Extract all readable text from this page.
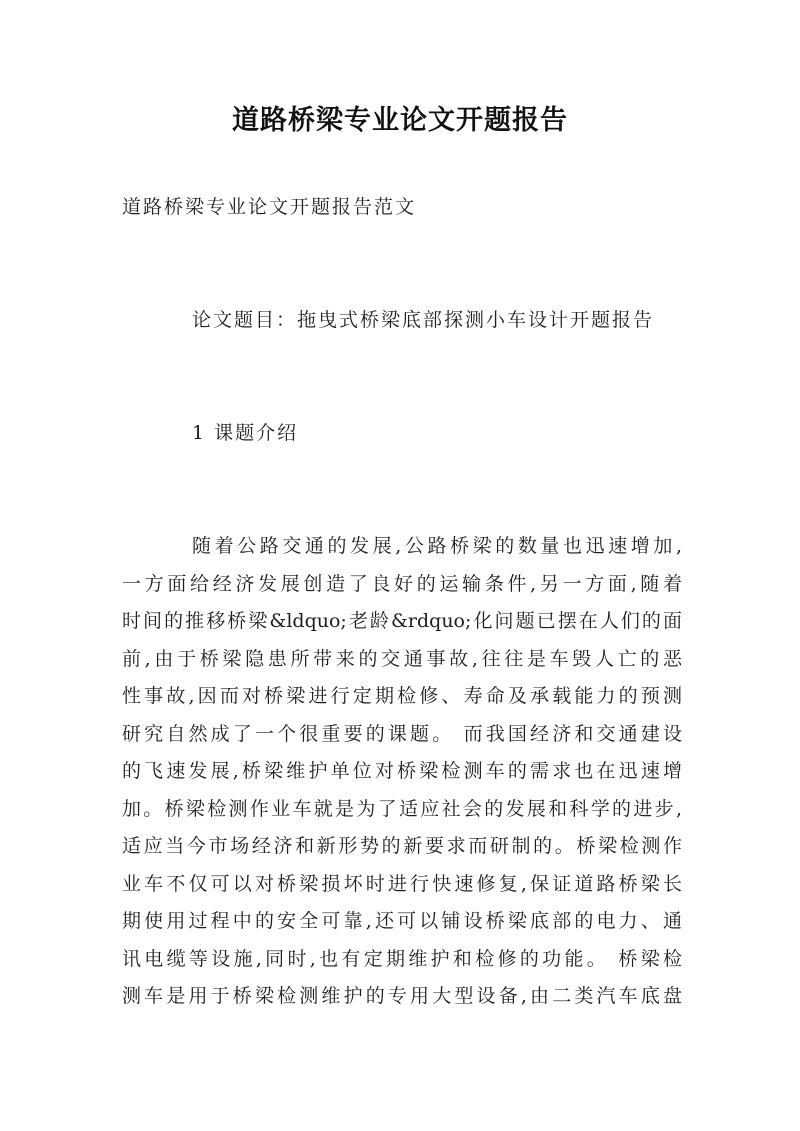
道路桥梁专业论文开题报告

道路桥梁专业论文开题报告范文

论文题目：拖曳式桥梁底部探测小车设计开题报告

1 课题介绍

随着公路交通的发展,公路桥梁的数量也迅速增加,
一方面给经济发展创造了良好的运输条件,另一方面,随着
时间的推移桥梁&ldquo;老龄&rdquo;化问题已摆在人们的面
前,由于桥梁隐患所带来的交通事故,往往是车毁人亡的恶
性事故,因而对桥梁进行定期检修、寿命及承载能力的预测
研究自然成了一个很重要的课题。 而我国经济和交通建设
的飞速发展,桥梁维护单位对桥梁检测车的需求也在迅速增
加。桥梁检测作业车就是为了适应社会的发展和科学的进步,
适应当今市场经济和新形势的新要求而研制的。桥梁检测作
业车不仅可以对桥梁损坏时进行快速修复,保证道路桥梁长
期使用过程中的安全可靠,还可以铺设桥梁底部的电力、通
讯电缆等设施,同时,也有定期维护和检修的功能。 桥梁检
测车是用于桥梁检测维护的专用大型设备,由二类汽车底盘
